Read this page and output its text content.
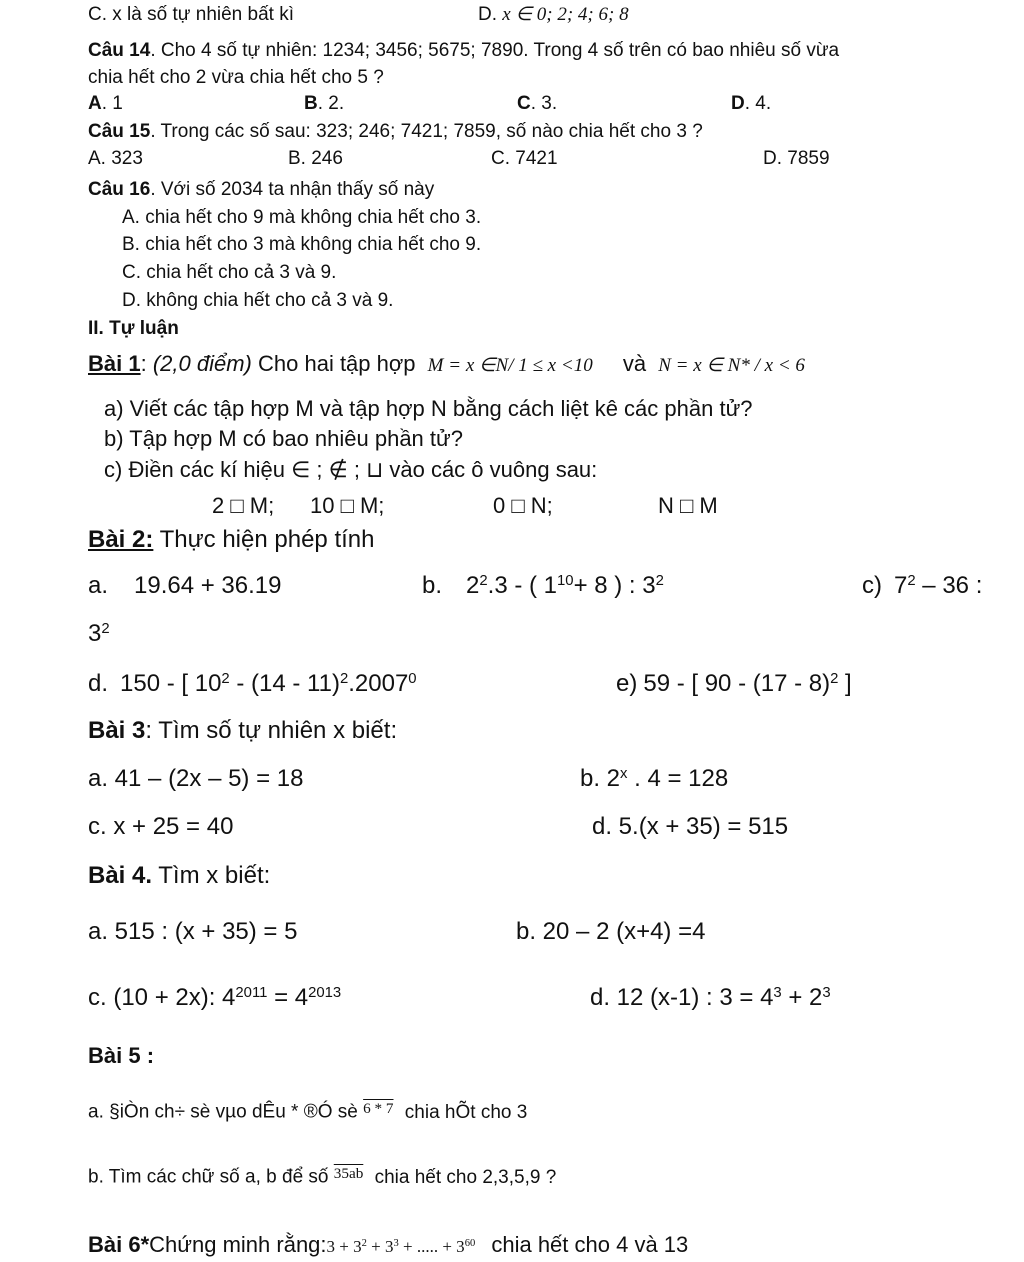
C. x là số tự nhiên bất kì	D. x ∈ 0; 2; 4; 6; 8
Câu 14. Cho 4 số tự nhiên: 1234; 3456; 5675; 7890. Trong 4 số trên có bao nhiêu số vừa
chia hết cho 2 vừa chia hết cho 5 ?
A. 1	B. 2.	C. 3.	D. 4.
Câu 15. Trong các số sau: 323; 246; 7421; 7859, số nào chia hết cho 3 ?
A. 323	B. 246	C. 7421	D. 7859
Câu 16. Với số 2034 ta nhận thấy số này
A. chia hết cho 9 mà không chia hết cho 3.
B. chia hết cho 3 mà không chia hết cho 9.
C. chia hết cho cả 3 và 9.
D. không chia hết cho cả 3 và 9.
II. Tự luận
Bài 1: (2,0 điểm) Cho hai tập hợp M = x ∈N/ 1 ≤ x <10 và N = x ∈ N* / x < 6
a) Viết các tập hợp M và tập hợp N bằng cách liệt kê các phần tử?
b) Tập hợp M có bao nhiêu phần tử?
c) Điền các kí hiệu ∈ ; ∉ ; ⊔ vào các ô vuông sau:
2 □ M; 10 □ M;	0 □ N;	N □ M
Bài 2: Thực hiện phép tính
a. 19.64 + 36.19	b. $2^2.3$ - ( $1^{10}+ 8$ ) : $3^2$	c) $7^2 - 36$ :
$3^2$
d. 150 - [ $10^2 - (14 - 11)^2.2007^0$	e) 59 - [ 90 - (17 - 8)$^2$ ]
Bài 3: Tìm số tự nhiên x biết:
a. 41 – (2x – 5) = 18	b. 2$^x$ . 4 = 128
c. x + 25 = 40	d. 5.(x + 35) = 515
Bài 4. Tìm x biết:
a. 515 : (x + 35) = 5	b. 20 – 2 (x+4) =4
c. (10 + 2x): $4^{2011} = 4^{2013}$	d. 12 (x-1) : $3 = 4^3 + 2^3$
Bài 5 :
a. §iÒn ch÷ sè vµo dÊu * ®Ó sè $^{6 * 7}$ chia hÕt cho 3
b. Tìm các chữ số a, b để số $^{35ab}$ chia hết cho 2,3,5,9 ?
Bài 6*Chứng minh rằng:3 + $3^2 + 3^3$ + ..... + $3^{60}$ chia hết cho 4 và 13
